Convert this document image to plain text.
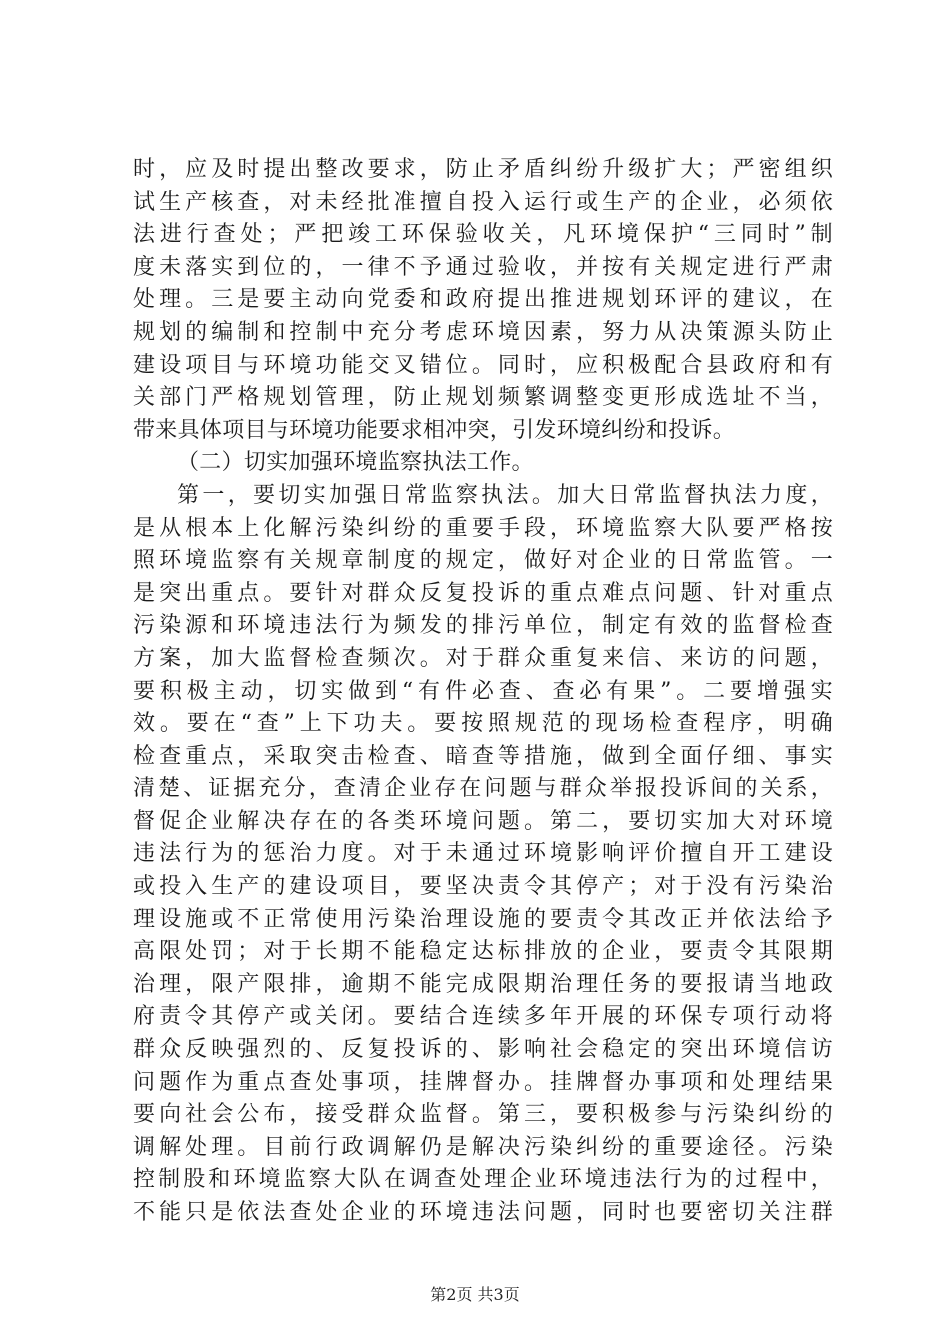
时，应及时提出整改要求，防止矛盾纠纷升级扩大；严密组织
试生产核查，对未经批准擅自投入运行或生产的企业，必须依
法进行查处；严把竣工环保验收关，凡环境保护“三同时”制
度未落实到位的，一律不予通过验收，并按有关规定进行严肃
处理。三是要主动向党委和政府提出推进规划环评的建议，在
规划的编制和控制中充分考虑环境因素，努力从决策源头防止
建设项目与环境功能交叉错位。同时，应积极配合县政府和有
关部门严格规划管理，防止规划频繁调整变更形成选址不当，
带来具体项目与环境功能要求相冲突，引发环境纠纷和投诉。
（二）切实加强环境监察执法工作。
第一，要切实加强日常监察执法。加大日常监督执法力度，
是从根本上化解污染纠纷的重要手段，环境监察大队要严格按
照环境监察有关规章制度的规定，做好对企业的日常监管。一
是突出重点。要针对群众反复投诉的重点难点问题、针对重点
污染源和环境违法行为频发的排污单位，制定有效的监督检查
方案，加大监督检查频次。对于群众重复来信、来访的问题，
要积极主动，切实做到“有件必查、查必有果”。二要增强实
效。要在“查”上下功夫。要按照规范的现场检查程序，明确
检查重点，采取突击检查、暗查等措施，做到全面仔细、事实
清楚、证据充分，查清企业存在问题与群众举报投诉间的关系，
督促企业解决存在的各类环境问题。第二，要切实加大对环境
违法行为的惩治力度。对于未通过环境影响评价擅自开工建设
或投入生产的建设项目，要坚决责令其停产；对于没有污染治
理设施或不正常使用污染治理设施的要责令其改正并依法给予
高限处罚；对于长期不能稳定达标排放的企业，要责令其限期
治理，限产限排，逾期不能完成限期治理任务的要报请当地政
府责令其停产或关闭。要结合连续多年开展的环保专项行动将
群众反映强烈的、反复投诉的、影响社会稳定的突出环境信访
问题作为重点查处事项，挂牌督办。挂牌督办事项和处理结果
要向社会公布，接受群众监督。第三，要积极参与污染纠纷的
调解处理。目前行政调解仍是解决污染纠纷的重要途径。污染
控制股和环境监察大队在调查处理企业环境违法行为的过程中，
不能只是依法查处企业的环境违法问题，同时也要密切关注群
第2页 共3页
